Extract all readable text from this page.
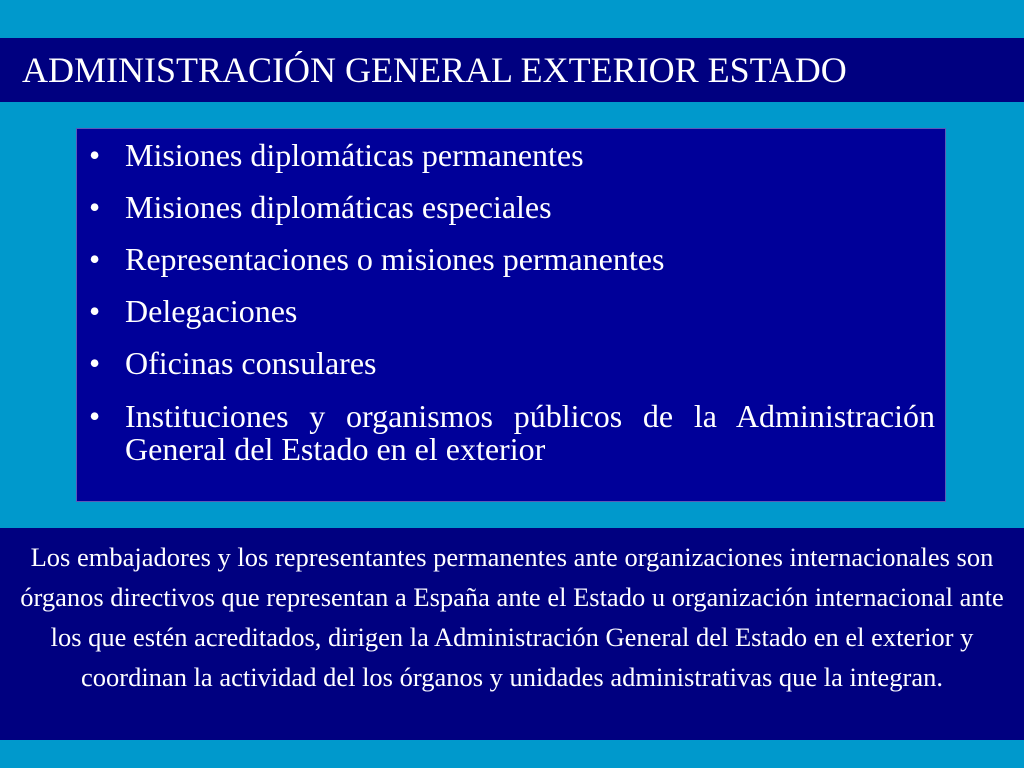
ADMINISTRACIÓN GENERAL EXTERIOR ESTADO
• Misiones diplomáticas permanentes
• Misiones diplomáticas especiales
• Representaciones o misiones permanentes
• Delegaciones
• Oficinas consulares
• Instituciones y organismos públicos de la Administración General del Estado en el exterior

Los embajadores y los representantes permanentes ante organizaciones internacionales son órganos directivos que representan a España ante el Estado u organización internacional ante los que estén acreditados, dirigen la Administración General del Estado en el exterior y coordinan la actividad del los órganos y unidades administrativas que la integran.
